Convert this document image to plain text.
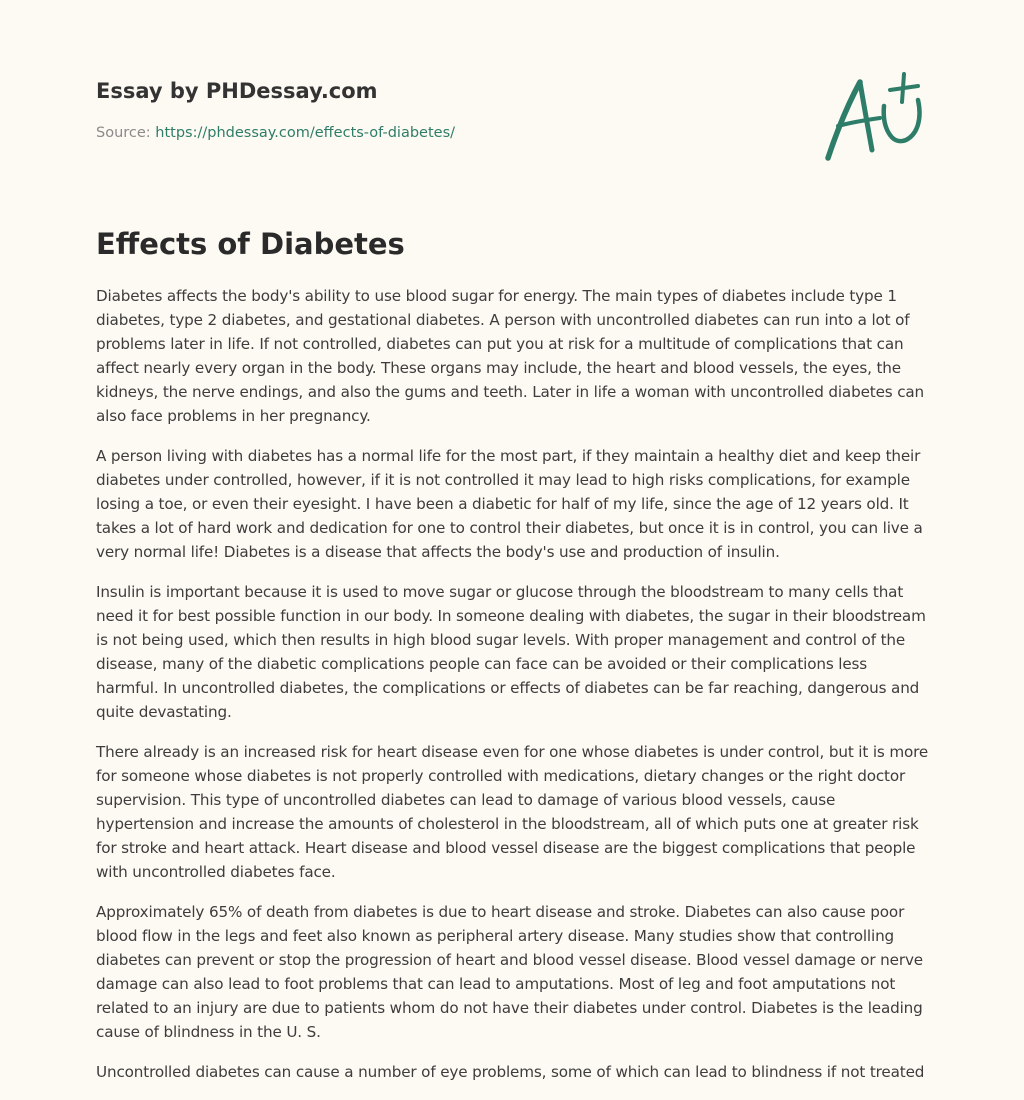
Essay by PHDessay.com
Source: https://phdessay.com/effects-of-diabetes/
Effects of Diabetes

Diabetes affects the body's ability to use blood sugar for energy. The main types of diabetes include type 1 diabetes, type 2 diabetes, and gestational diabetes. A person with uncontrolled diabetes can run into a lot of problems later in life. If not controlled, diabetes can put you at risk for a multitude of complications that can affect nearly every organ in the body. These organs may include, the heart and blood vessels, the eyes, the kidneys, the nerve endings, and also the gums and teeth. Later in life a woman with uncontrolled diabetes can also face problems in her pregnancy.

A person living with diabetes has a normal life for the most part, if they maintain a healthy diet and keep their diabetes under controlled, however, if it is not controlled it may lead to high risks complications, for example losing a toe, or even their eyesight. I have been a diabetic for half of my life, since the age of 12 years old. It takes a lot of hard work and dedication for one to control their diabetes, but once it is in control, you can live a very normal life! Diabetes is a disease that affects the body's use and production of insulin.

Insulin is important because it is used to move sugar or glucose through the bloodstream to many cells that need it for best possible function in our body. In someone dealing with diabetes, the sugar in their bloodstream is not being used, which then results in high blood sugar levels. With proper management and control of the disease, many of the diabetic complications people can face can be avoided or their complications less harmful. In uncontrolled diabetes, the complications or effects of diabetes can be far reaching, dangerous and quite devastating.

There already is an increased risk for heart disease even for one whose diabetes is under control, but it is more for someone whose diabetes is not properly controlled with medications, dietary changes or the right doctor supervision. This type of uncontrolled diabetes can lead to damage of various blood vessels, cause hypertension and increase the amounts of cholesterol in the bloodstream, all of which puts one at greater risk for stroke and heart attack. Heart disease and blood vessel disease are the biggest complications that people with uncontrolled diabetes face.

Approximately 65% of death from diabetes is due to heart disease and stroke. Diabetes can also cause poor blood flow in the legs and feet also known as peripheral artery disease. Many studies show that controlling diabetes can prevent or stop the progression of heart and blood vessel disease. Blood vessel damage or nerve damage can also lead to foot problems that can lead to amputations. Most of leg and foot amputations not related to an injury are due to patients whom do not have their diabetes under control. Diabetes is the leading cause of blindness in the U. S.

Uncontrolled diabetes can cause a number of eye problems, some of which can lead to blindness if not treated
